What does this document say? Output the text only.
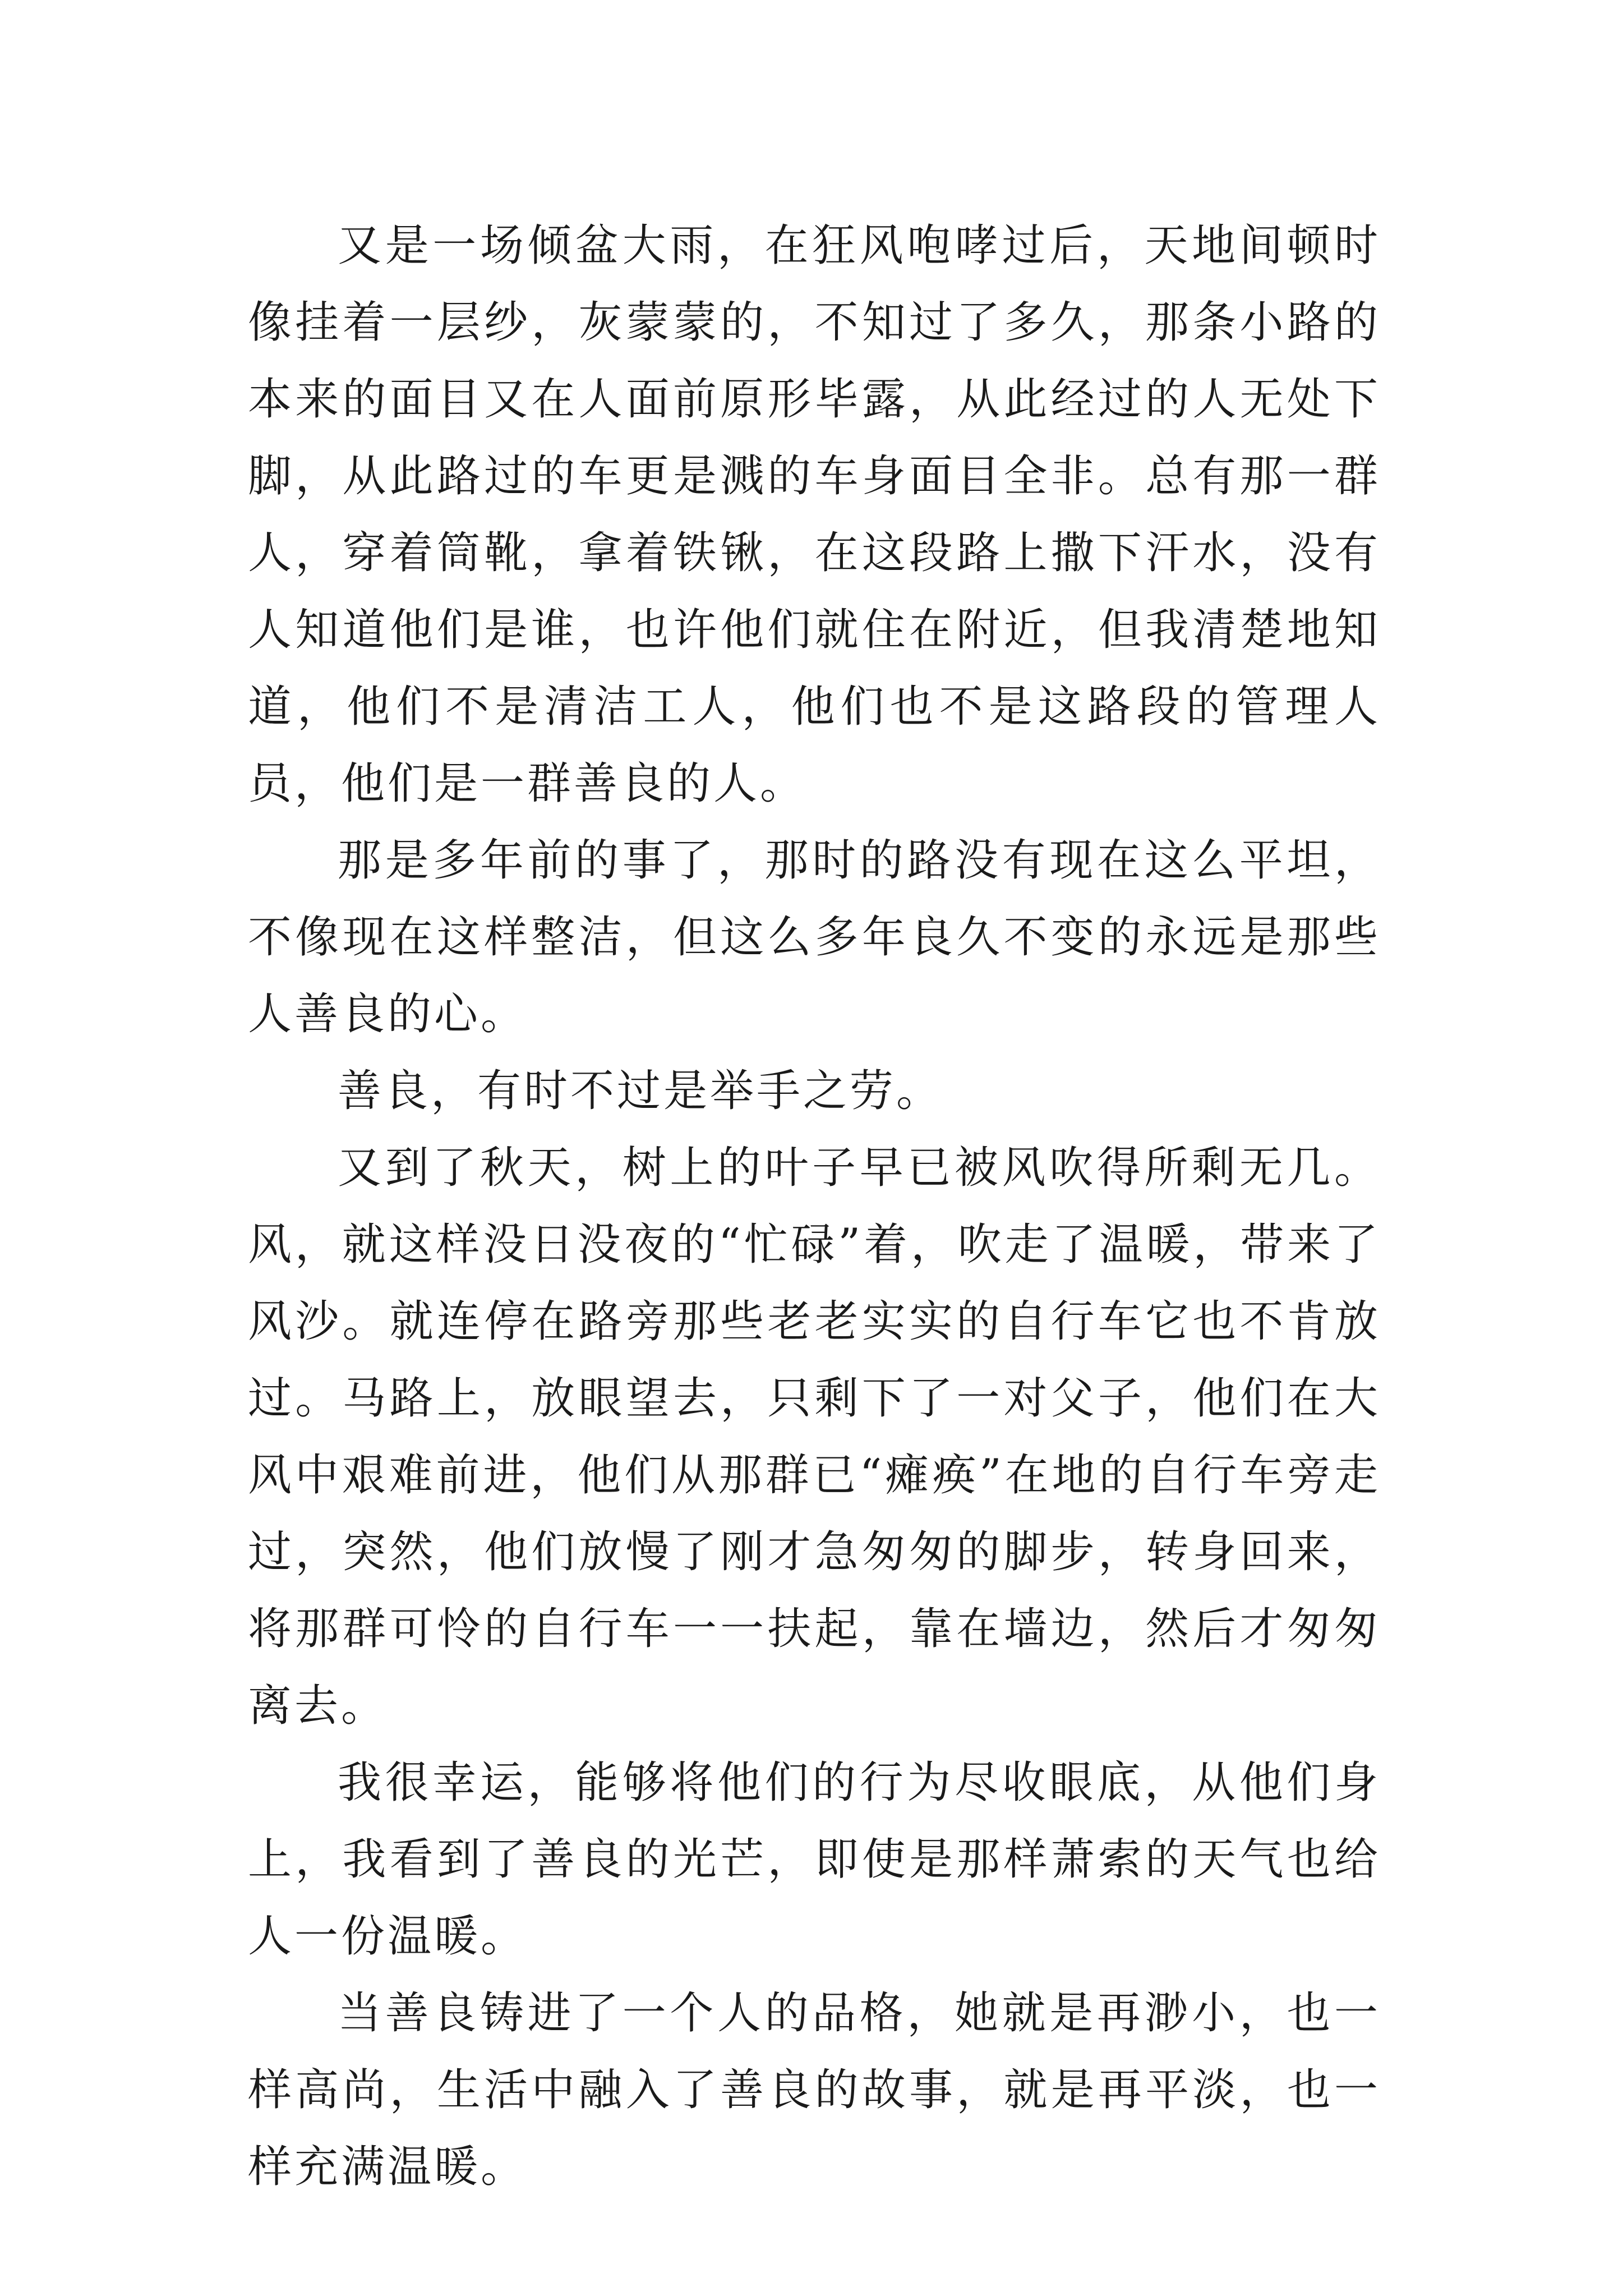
又是一场倾盆大雨，在狂风咆哮过后，天地间顿时像挂着一层纱，灰蒙蒙的，不知过了多久，那条小路的本来的面目又在人面前原形毕露，从此经过的人无处下脚，从此路过的车更是溅的车身面目全非。总有那一群人，穿着筒靴，拿着铁锹，在这段路上撒下汗水，没有人知道他们是谁，也许他们就住在附近，但我清楚地知道，他们不是清洁工人，他们也不是这路段的管理人员，他们是一群善良的人。

那是多年前的事了，那时的路没有现在这么平坦，不像现在这样整洁，但这么多年良久不变的永远是那些人善良的心。

善良，有时不过是举手之劳。

又到了秋天，树上的叶子早已被风吹得所剩无几。风，就这样没日没夜的“忙碌”着，吹走了温暖，带来了风沙。就连停在路旁那些老老实实的自行车它也不肯放过。马路上，放眼望去，只剩下了一对父子，他们在大风中艰难前进，他们从那群已“瘫痪”在地的自行车旁走过，突然，他们放慢了刚才急匆匆的脚步，转身回来，将那群可怜的自行车一一扶起，靠在墙边，然后才匆匆离去。

我很幸运，能够将他们的行为尽收眼底，从他们身上，我看到了善良的光芒，即使是那样萧索的天气也给人一份温暖。

当善良铸进了一个人的品格，她就是再渺小，也一样高尚，生活中融入了善良的故事，就是再平淡，也一样充满温暖。
